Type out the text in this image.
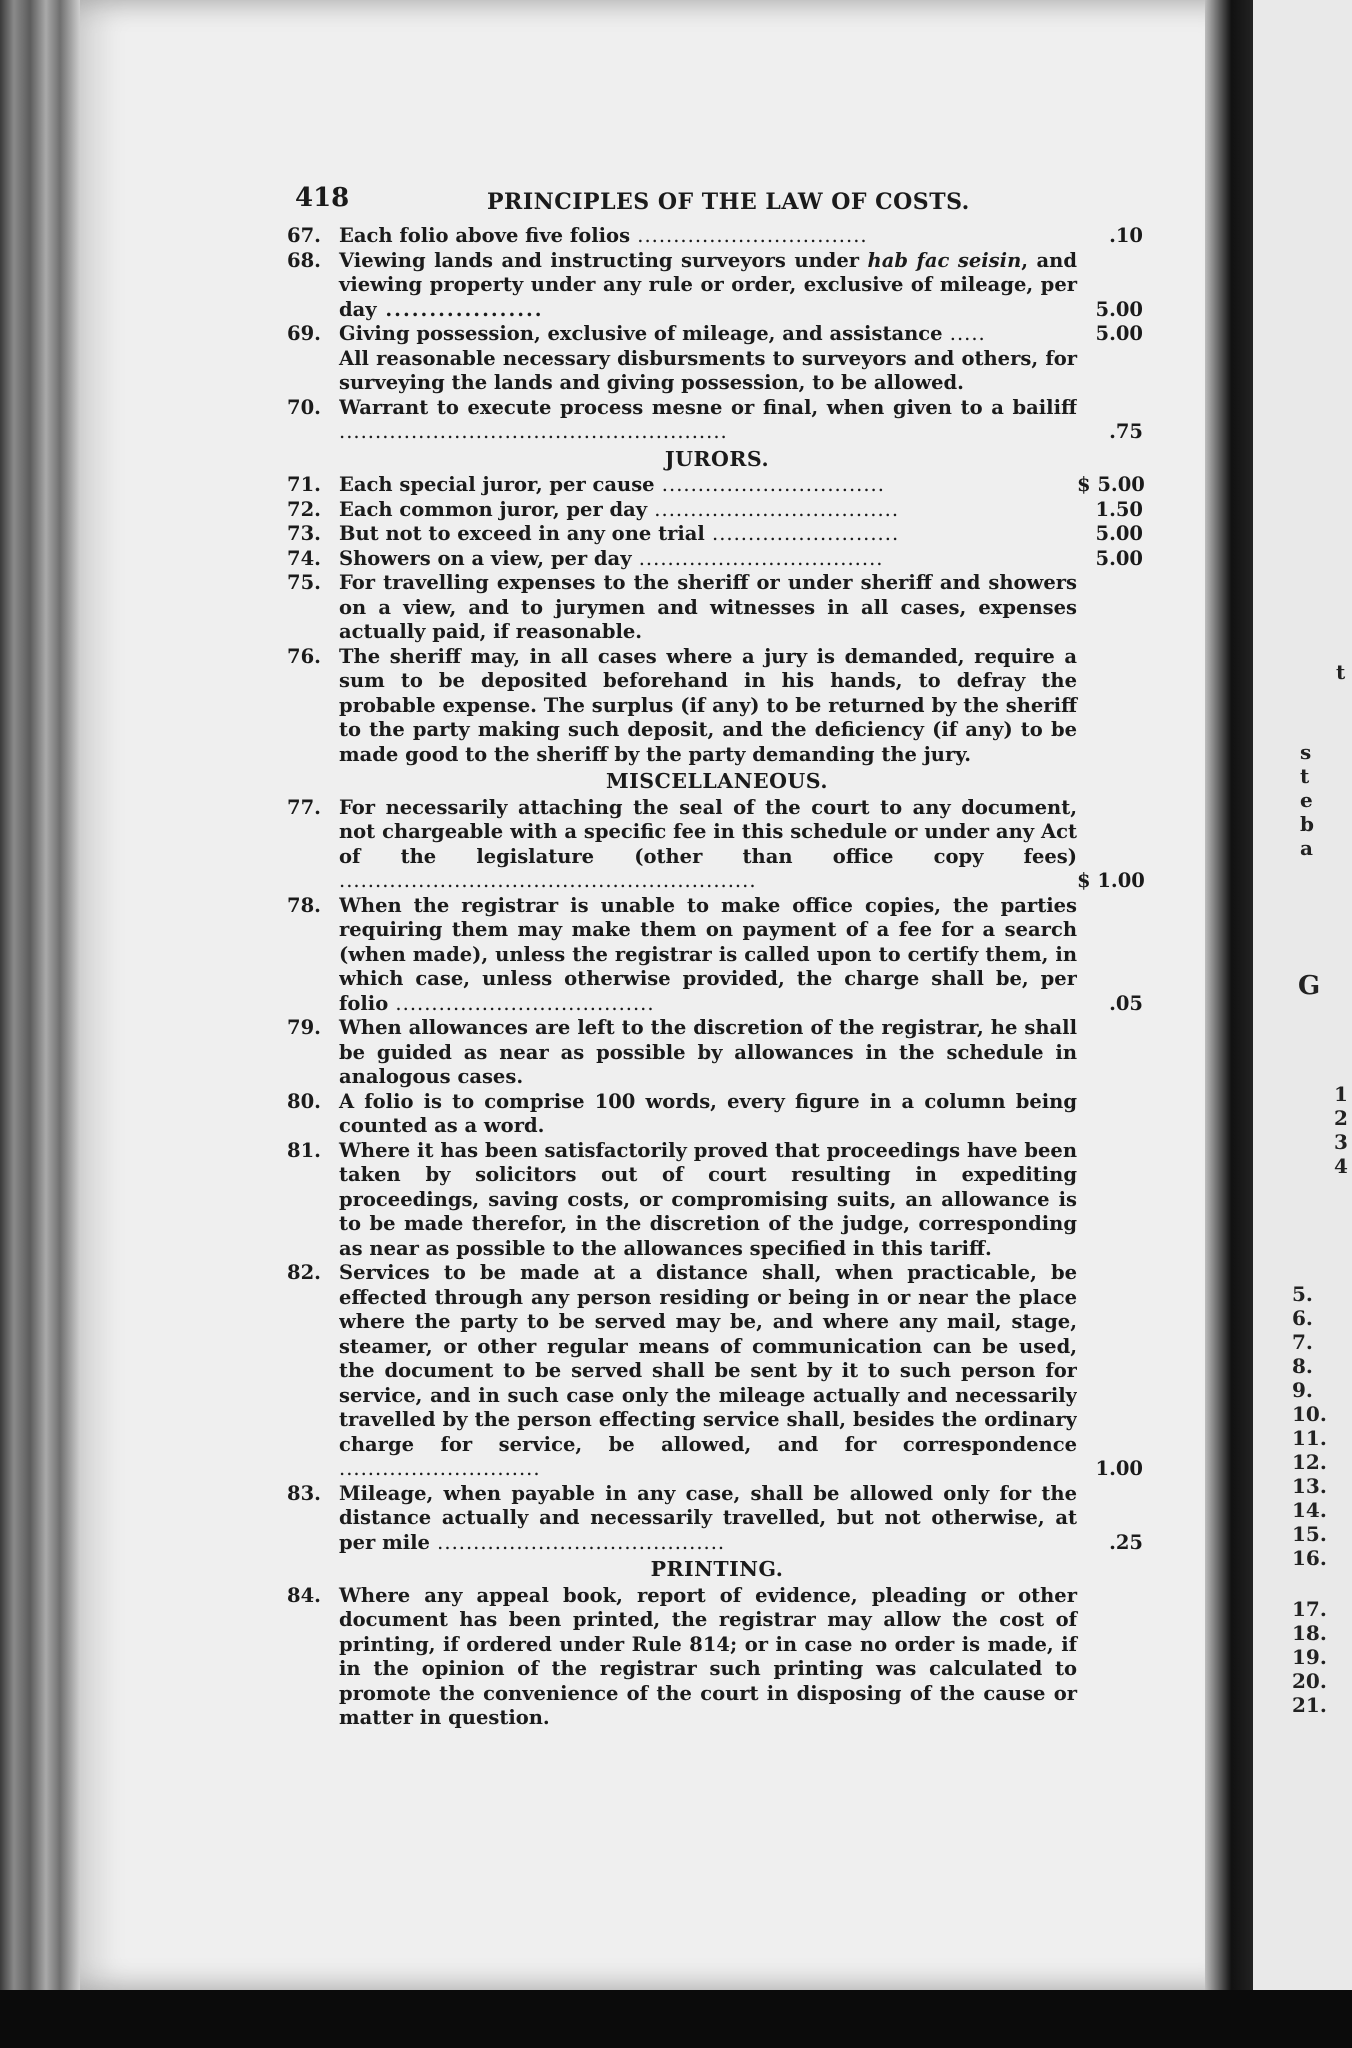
t
s
t
e
b
a
G
1
2
3
4
5.
6.
7.
8.
9.
10.
11.
12.
13.
14.
15.
16.
17.
18.
19.
20.
21.
418	PRINCIPLES OF THE LAW OF COSTS.
67. Each folio above five folios ................................	.10
68. Viewing lands and instructing surveyors under hab fac seisin, and viewing property under any rule or order, exclusive of mileage, per day ..................	5.00
69. Giving possession, exclusive of mileage, and assistance .....	5.00
All reasonable necessary disbursments to surveyors and others, for surveying the lands and giving possession, to be allowed.
70. Warrant to execute process mesne or final, when given to a bailiff ......................................................	.75
JURORS.
71. Each special juror, per cause ...............................	$ 5.00
72. Each common juror, per day ..................................	1.50
73. But not to exceed in any one trial ..........................	5.00
74. Showers on a view, per day ..................................	5.00
75. For travelling expenses to the sheriff or under sheriff and showers on a view, and to jurymen and witnesses in all cases, expenses actually paid, if reasonable.
76. The sheriff may, in all cases where a jury is demanded, require a sum to be deposited beforehand in his hands, to defray the probable expense. The surplus (if any) to be returned by the sheriff to the party making such deposit, and the deficiency (if any) to be made good to the sheriff by the party demanding the jury.
MISCELLANEOUS.
77. For necessarily attaching the seal of the court to any document, not chargeable with a specific fee in this schedule or under any Act of the legislature (other than office copy fees) ..........................................................	$ 1.00
78. When the registrar is unable to make office copies, the parties requiring them may make them on payment of a fee for a search (when made), unless the registrar is called upon to certify them, in which case, unless otherwise provided, the charge shall be, per folio ....................................	.05
79. When allowances are left to the discretion of the registrar, he shall be guided as near as possible by allowances in the schedule in analogous cases.
80. A folio is to comprise 100 words, every figure in a column being counted as a word.
81. Where it has been satisfactorily proved that proceedings have been taken by solicitors out of court resulting in expediting proceedings, saving costs, or compromising suits, an allowance is to be made therefor, in the discretion of the judge, corresponding as near as possible to the allowances specified in this tariff.
82. Services to be made at a distance shall, when practicable, be effected through any person residing or being in or near the place where the party to be served may be, and where any mail, stage, steamer, or other regular means of communication can be used, the document to be served shall be sent by it to such person for service, and in such case only the mileage actually and necessarily travelled by the person effecting service shall, besides the ordinary charge for service, be allowed, and for correspondence ............................	1.00
83. Mileage, when payable in any case, shall be allowed only for the distance actually and necessarily travelled, but not otherwise, at per mile ........................................	.25
PRINTING.
84. Where any appeal book, report of evidence, pleading or other document has been printed, the registrar may allow the cost of printing, if ordered under Rule 814; or in case no order is made, if in the opinion of the registrar such printing was calculated to promote the convenience of the court in disposing of the cause or matter in question.
